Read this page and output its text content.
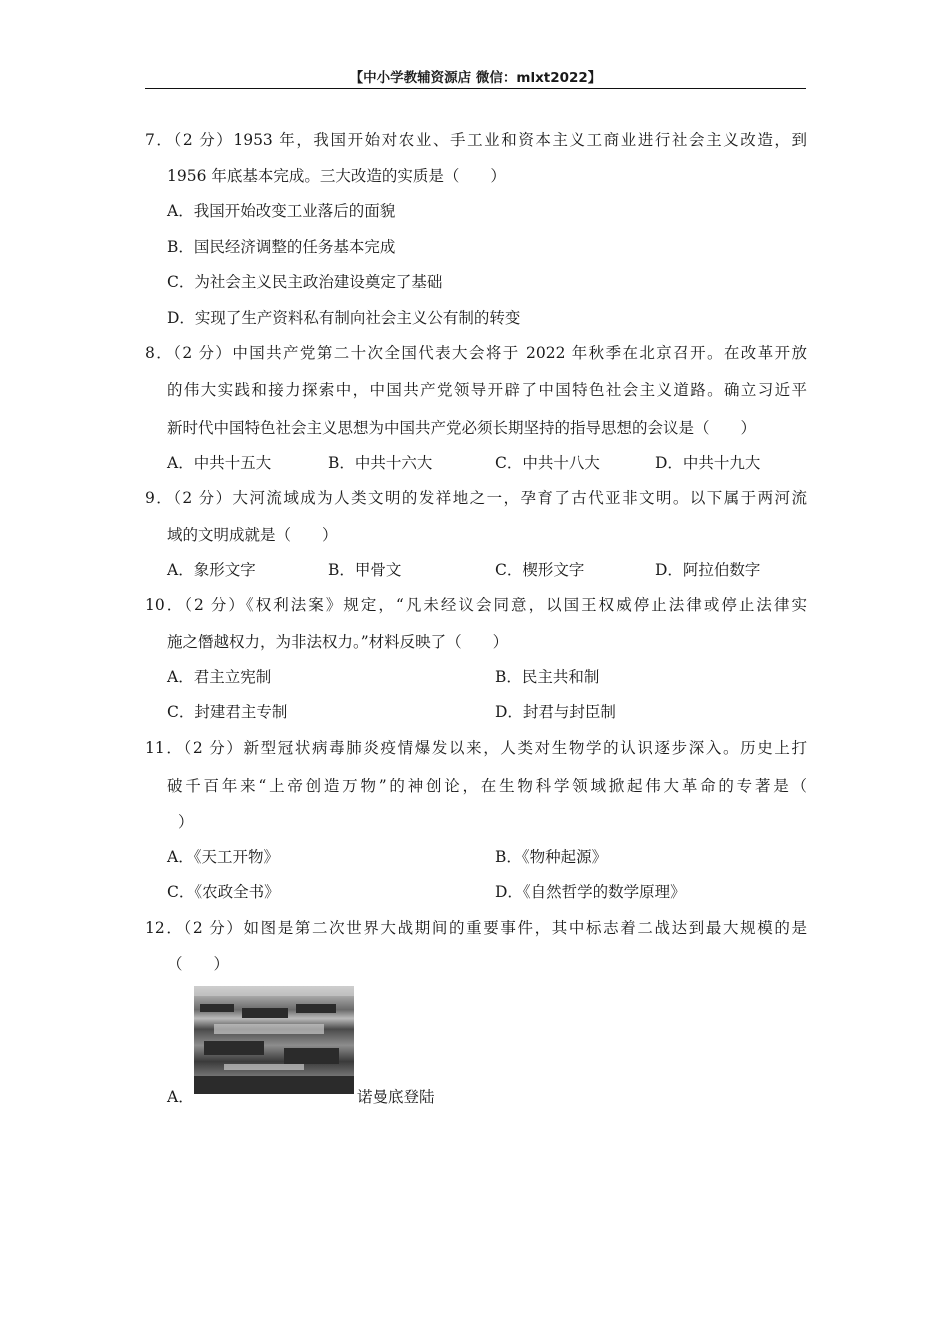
【中小学教辅资源店 微信：mlxt2022】
7．（2 分）1953 年，我国开始对农业、手工业和资本主义工商业进行社会主义改造，到
1956 年底基本完成。三大改造的实质是（　　）
A．我国开始改变工业落后的面貌
B．国民经济调整的任务基本完成
C．为社会主义民主政治建设奠定了基础
D．实现了生产资料私有制向社会主义公有制的转变
8．（2 分）中国共产党第二十次全国代表大会将于 2022 年秋季在北京召开。在改革开放
的伟大实践和接力探索中，中国共产党领导开辟了中国特色社会主义道路。确立习近平
新时代中国特色社会主义思想为中国共产党必须长期坚持的指导思想的会议是（　　）
A．中共十五大	B．中共十六大	C．中共十八大	D．中共十九大
9．（2 分）大河流域成为人类文明的发祥地之一，孕育了古代亚非文明。以下属于两河流
域的文明成就是（　　）
A．象形文字	B．甲骨文	C．楔形文字	D．阿拉伯数字
10．（2 分）《权利法案》规定，“凡未经议会同意，以国王权威停止法律或停止法律实
施之僭越权力，为非法权力。”材料反映了（　　）
A．君主立宪制	B．民主共和制
C．封建君主专制	D．封君与封臣制
11．（2 分）新型冠状病毒肺炎疫情爆发以来，人类对生物学的认识逐步深入。历史上打
破千百年来“上帝创造万物”的神创论，在生物科学领域掀起伟大革命的专著是（
）
A．《天工开物》	B．《物种起源》
C．《农政全书》	D．《自然哲学的数学原理》
12．（2 分）如图是第二次世界大战期间的重要事件，其中标志着二战达到最大规模的是
（　　）
A．	诺曼底登陆
